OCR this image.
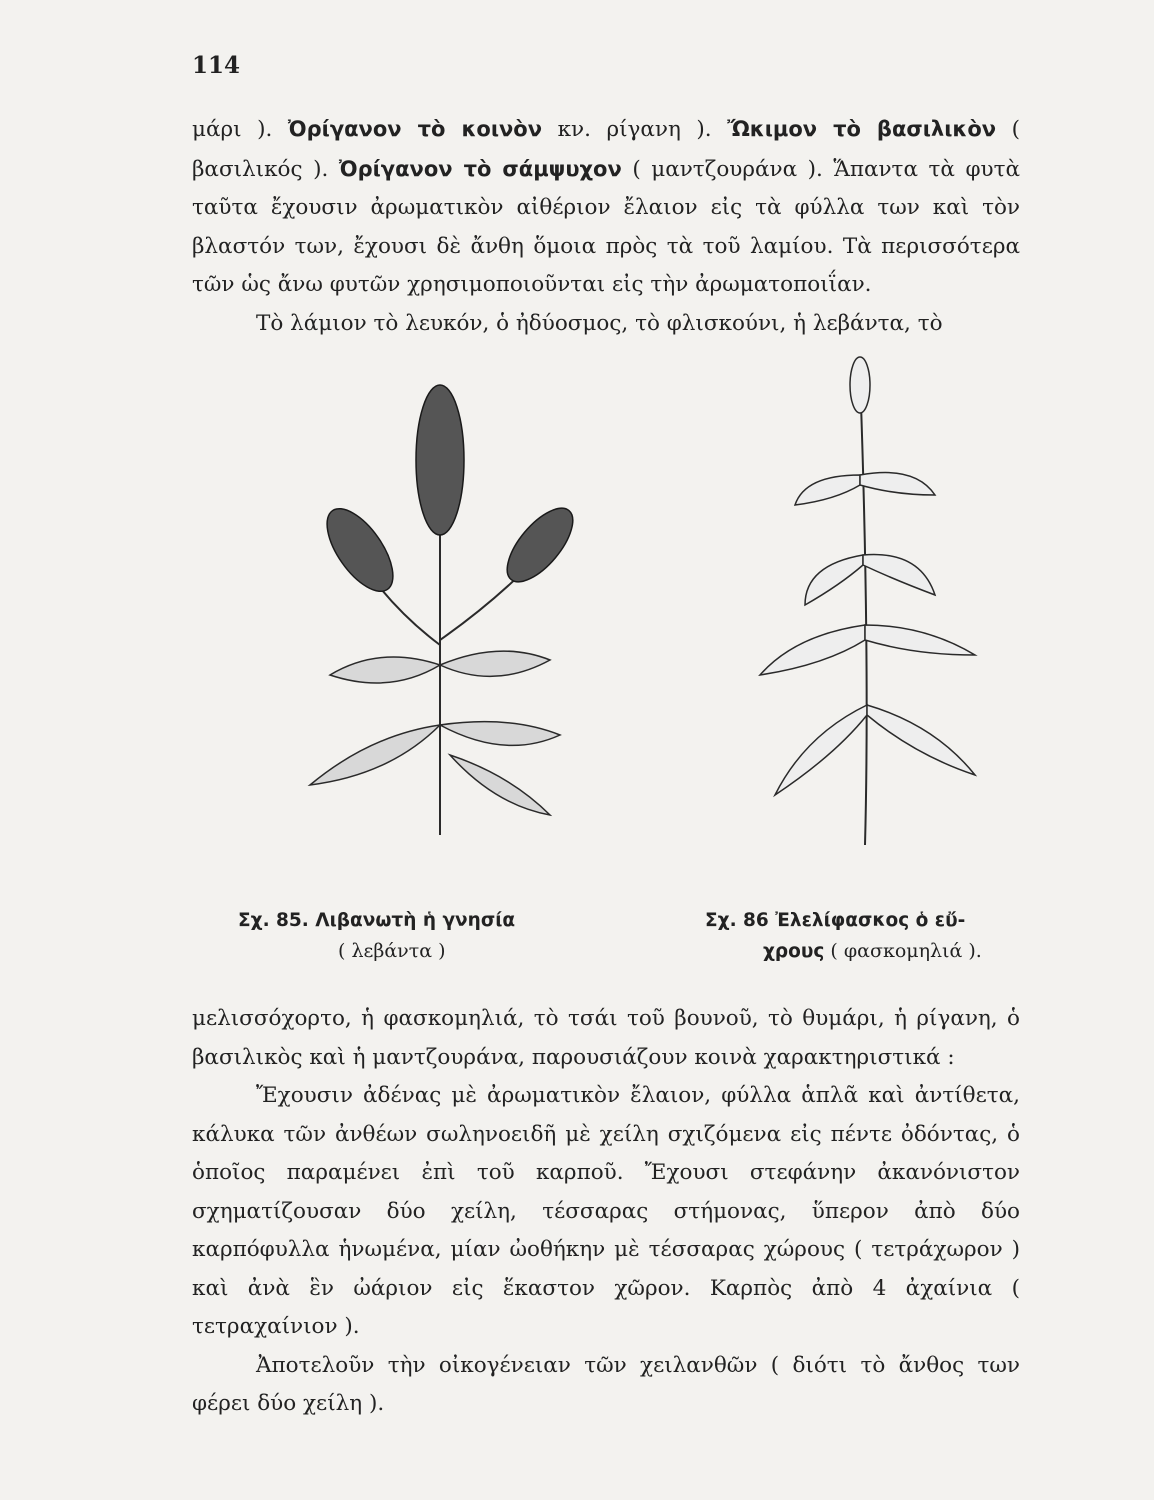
114

μάρι ). Ὀρίγανον τὸ κοινὸν κν. ρίγανη ). Ὤκιμον τὸ βασιλικὸν ( βασιλικός ). Ὀρίγανον τὸ σάμψυχον ( μαντζουράνα ). Ἅπαντα τὰ φυτὰ ταῦτα ἔχουσιν ἀρωματικὸν αἰθέριον ἔλαιον εἰς τὰ φύλλα των καὶ τὸν βλαστόν των, ἔχουσι δὲ ἄνθη ὅμοια πρὸς τὰ τοῦ λαμίου. Τὰ περισσότερα τῶν ὡς ἄνω φυτῶν χρησιμοποιοῦνται εἰς τὴν ἀρωματοποιΐαν.

Τὸ λάμιον τὸ λευκόν, ὁ ἠδύοσμος, τὸ φλισκούνι, ἡ λεβάντα, τὸ

Σχ. 85. Λιβανωτὴ ἡ γνησία
( λεβάντα )
Σχ. 86 Ἐλελίφασκος ὁ εὔ-
χρους ( φασκομηλιά ).

μελισσόχορτο, ἡ φασκομηλιά, τὸ τσάι τοῦ βουνοῦ, τὸ θυμάρι, ἡ ρίγανη, ὁ βασιλικὸς καὶ ἡ μαντζουράνα, παρουσιάζουν κοινὰ χαρακτηριστικά :

Ἔχουσιν ἀδένας μὲ ἀρωματικὸν ἔλαιον, φύλλα ἁπλᾶ καὶ ἀντίθετα, κάλυκα τῶν ἀνθέων σωληνοειδῆ μὲ χείλη σχιζόμενα εἰς πέντε ὀδόντας, ὁ ὁποῖος παραμένει ἐπὶ τοῦ καρποῦ. Ἔχουσι στεφάνην ἀκανόνιστον σχηματίζουσαν δύο χείλη, τέσσαρας στήμονας, ὕπερον ἀπὸ δύο καρπόφυλλα ἡνωμένα, μίαν ὠοθήκην μὲ τέσσαρας χώρους ( τετράχωρον ) καὶ ἀνὰ ἓν ὠάριον εἰς ἕκαστον χῶρον. Καρπὸς ἀπὸ 4 ἀχαίνια ( τετραχαίνιον ).

Ἀποτελοῦν τὴν οἰκογένειαν τῶν χειλανθῶν ( διότι τὸ ἄνθος των φέρει δύο χείλη ).
